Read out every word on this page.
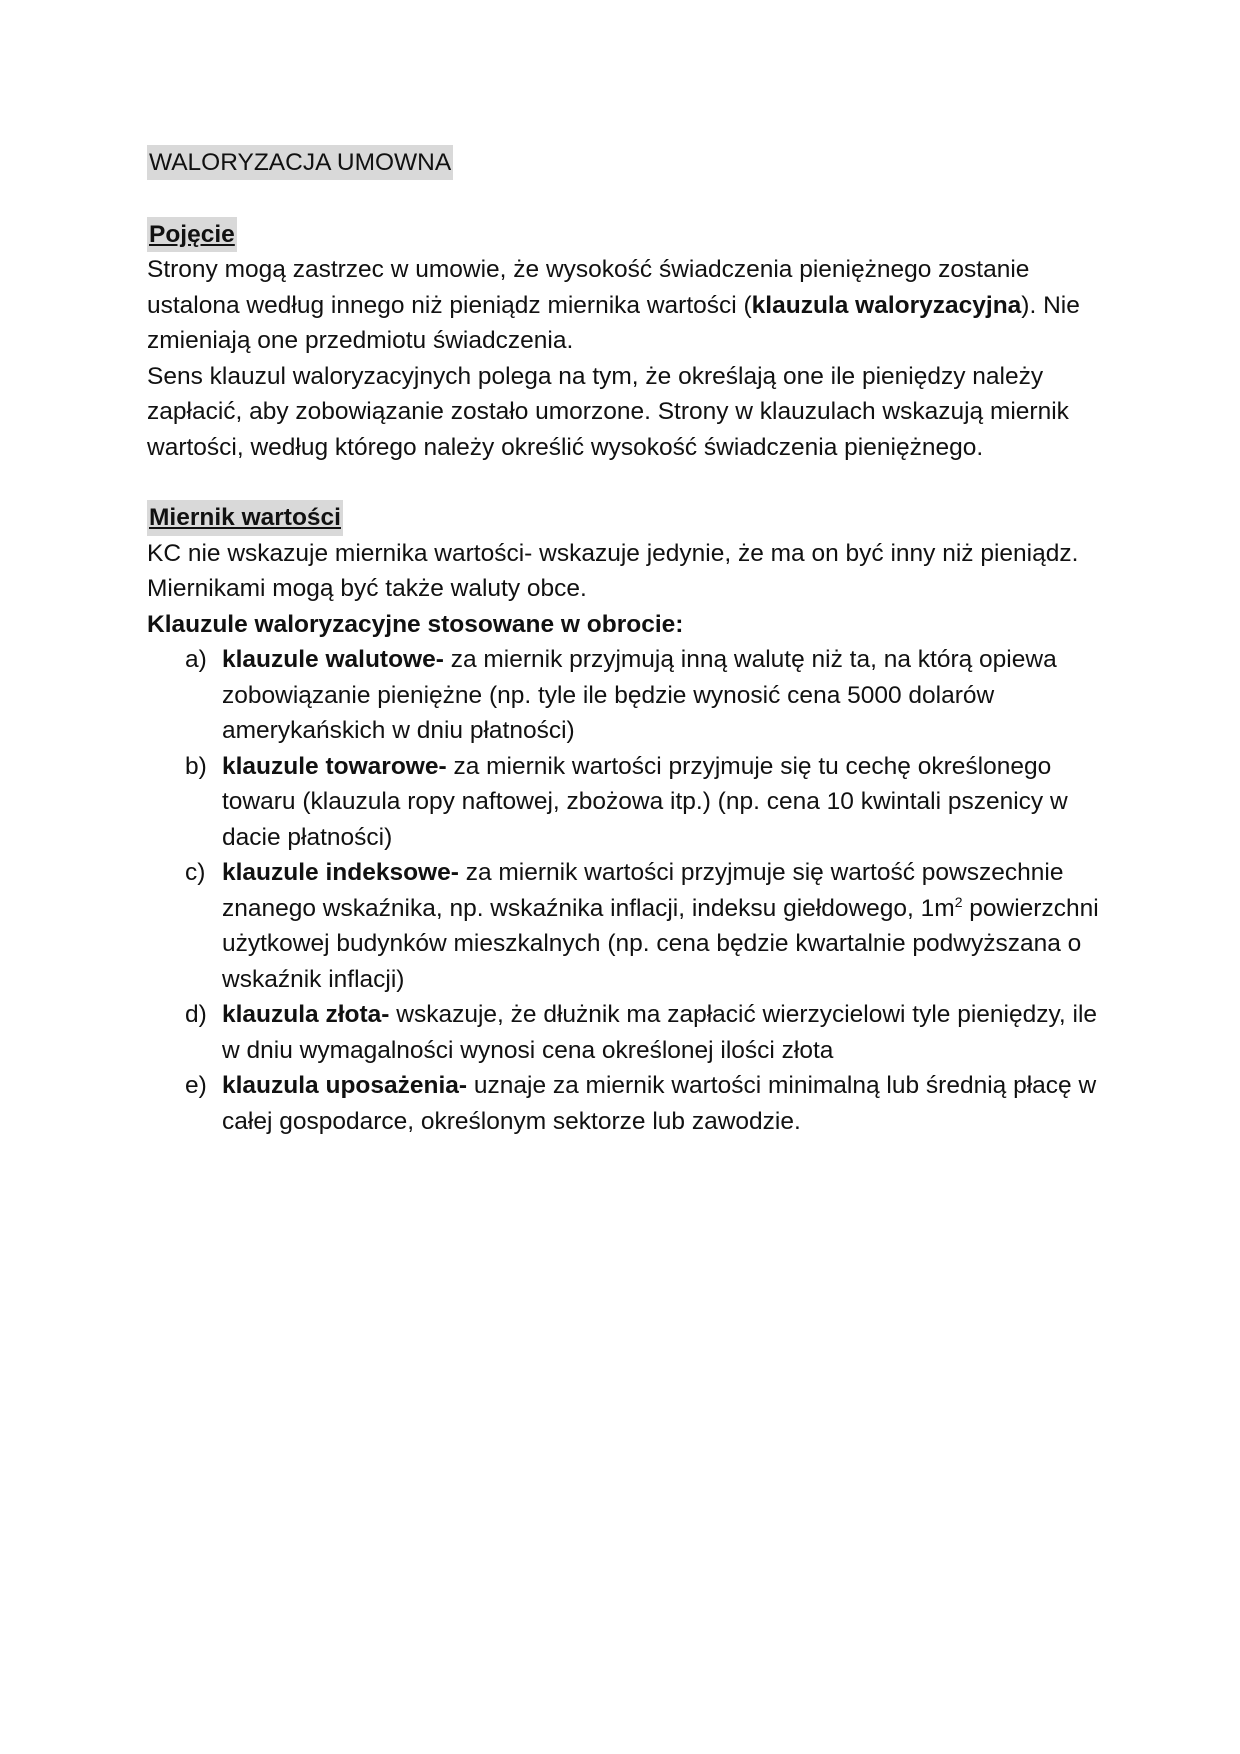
WALORYZACJA UMOWNA
Pojęcie

Strony mogą zastrzec w umowie, że wysokość świadczenia pieniężnego zostanie ustalona według innego niż pieniądz miernika wartości (klauzula waloryzacyjna). Nie zmieniają one przedmiotu świadczenia.

Sens klauzul waloryzacyjnych polega na tym, że określają one ile pieniędzy należy zapłacić, aby zobowiązanie zostało umorzone. Strony w klauzulach wskazują miernik wartości, według którego należy określić wysokość świadczenia pieniężnego.

Miernik wartości

KC nie wskazuje miernika wartości- wskazuje jedynie, że ma on być inny niż pieniądz. Miernikami mogą być także waluty obce.

Klauzule waloryzacyjne stosowane w obrocie:

a) klauzule walutowe- za miernik przyjmują inną walutę niż ta, na którą opiewa zobowiązanie pieniężne (np. tyle ile będzie wynosić cena 5000 dolarów amerykańskich w dniu płatności)
b) klauzule towarowe- za miernik wartości przyjmuje się tu cechę określonego towaru (klauzula ropy naftowej, zbożowa itp.) (np. cena 10 kwintali pszenicy w dacie płatności)
c) klauzule indeksowe- za miernik wartości przyjmuje się wartość powszechnie znanego wskaźnika, np. wskaźnika inflacji, indeksu giełdowego, $1m^2$ powierzchni użytkowej budynków mieszkalnych (np. cena będzie kwartalnie podwyższana o wskaźnik inflacji)
d) klauzula złota- wskazuje, że dłużnik ma zapłacić wierzycielowi tyle pieniędzy, ile w dniu wymagalności wynosi cena określonej ilości złota
e) klauzula uposażenia- uznaje za miernik wartości minimalną lub średnią płacę w całej gospodarce, określonym sektorze lub zawodzie.
